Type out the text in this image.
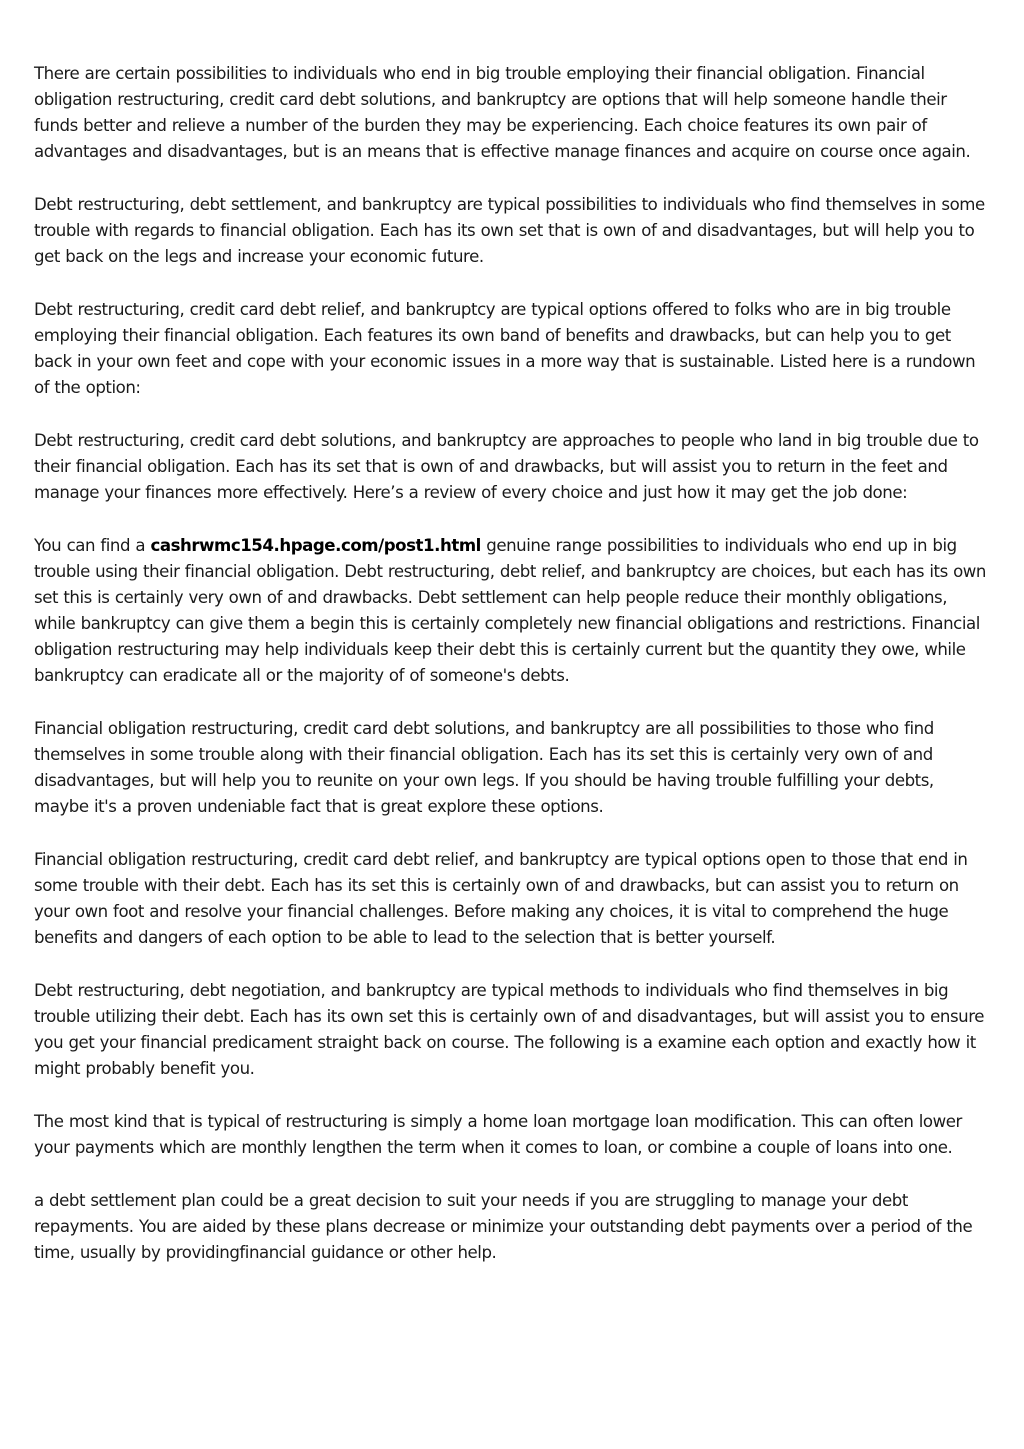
There are certain possibilities to individuals who end in big trouble employing their financial obligation. Financial obligation restructuring, credit card debt solutions, and bankruptcy are options that will help someone handle their funds better and relieve a number of the burden they may be experiencing. Each choice features its own pair of advantages and disadvantages, but is an means that is effective manage finances and acquire on course once again.

Debt restructuring, debt settlement, and bankruptcy are typical possibilities to individuals who find themselves in some trouble with regards to financial obligation. Each has its own set that is own of and disadvantages, but will help you to get back on the legs and increase your economic future.

Debt restructuring, credit card debt relief, and bankruptcy are typical options offered to folks who are in big trouble employing their financial obligation. Each features its own band of benefits and drawbacks, but can help you to get back in your own feet and cope with your economic issues in a more way that is sustainable. Listed here is a rundown of the option:

Debt restructuring, credit card debt solutions, and bankruptcy are approaches to people who land in big trouble due to their financial obligation. Each has its set that is own of and drawbacks, but will assist you to return in the feet and manage your finances more effectively. Here’s a review of every choice and just how it may get the job done:

You can find a cashrwmc154.hpage.com/post1.html genuine range possibilities to individuals who end up in big trouble using their financial obligation. Debt restructuring, debt relief, and bankruptcy are choices, but each has its own set this is certainly very own of and drawbacks. Debt settlement can help people reduce their monthly obligations, while bankruptcy can give them a begin this is certainly completely new financial obligations and restrictions. Financial obligation restructuring may help individuals keep their debt this is certainly current but the quantity they owe, while bankruptcy can eradicate all or the majority of of someone's debts.

Financial obligation restructuring, credit card debt solutions, and bankruptcy are all possibilities to those who find themselves in some trouble along with their financial obligation. Each has its set this is certainly very own of and disadvantages, but will help you to reunite on your own legs. If you should be having trouble fulfilling your debts, maybe it's a proven undeniable fact that is great explore these options.

Financial obligation restructuring, credit card debt relief, and bankruptcy are typical options open to those that end in some trouble with their debt. Each has its set this is certainly own of and drawbacks, but can assist you to return on your own foot and resolve your financial challenges. Before making any choices, it is vital to comprehend the huge benefits and dangers of each option to be able to lead to the selection that is better yourself.

Debt restructuring, debt negotiation, and bankruptcy are typical methods to individuals who find themselves in big trouble utilizing their debt. Each has its own set this is certainly own of and disadvantages, but will assist you to ensure you get your financial predicament straight back on course. The following is a examine each option and exactly how it might probably benefit you.

The most kind that is typical of restructuring is simply a home loan mortgage loan modification. This can often lower your payments which are monthly lengthen the term when it comes to loan, or combine a couple of loans into one.

a debt settlement plan could be a great decision to suit your needs if you are struggling to manage your debt repayments. You are aided by these plans decrease or minimize your outstanding debt payments over a period of the time, usually by providingfinancial guidance or other help.
